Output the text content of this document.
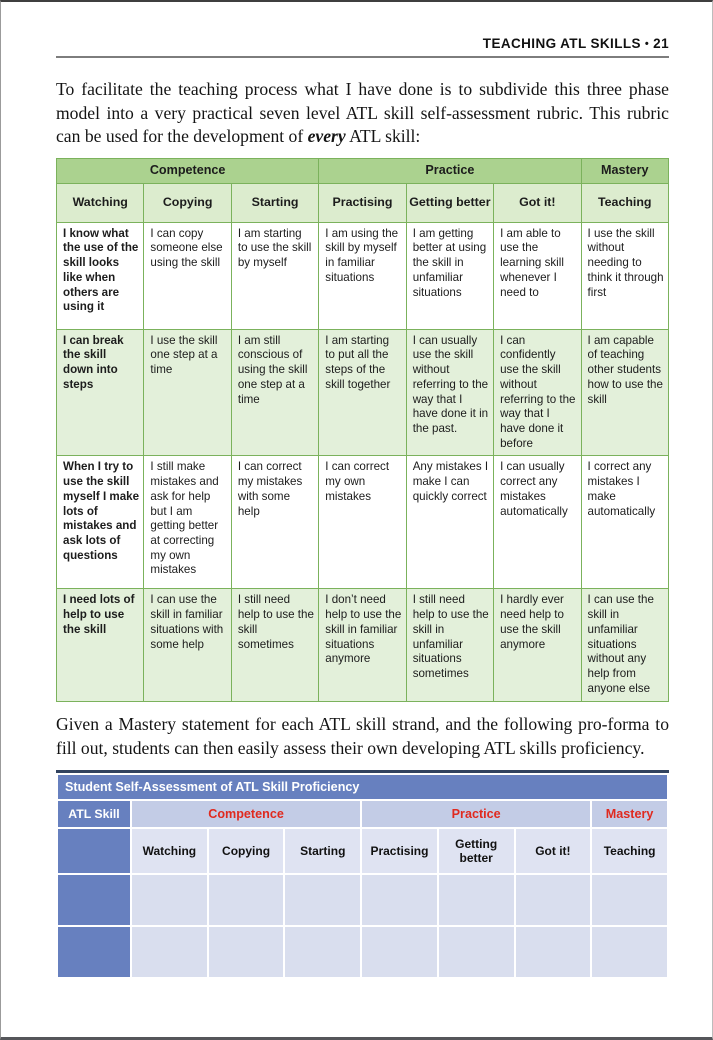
TEACHING ATL SKILLS • 21

To facilitate the teaching process what I have done is to subdivide this three phase model into a very practical seven level ATL skill self-assessment rubric. This rubric can be used for the development of every ATL skill:

Competence			Practice			Mastery
Watching	Copying	Starting	Practising	Getting better	Got it!	Teaching
I know what the use of the skill looks like when others are using it	I can copy someone else using the skill	I am starting to use the skill by myself	I am using the skill by myself in familiar situations	I am getting better at using the skill in unfamiliar situations	I am able to use the learning skill whenever I need to	I use the skill without needing to think it through first
I can break the skill down into steps	I use the skill one step at a time	I am still conscious of using the skill one step at a time	I am starting to put all the steps of the skill together	I can usually use the skill without referring to the way that I have done it in the past.	I can confidently use the skill without referring to the way that I have done it before	I am capable of teaching other students how to use the skill
When I try to use the skill myself I make lots of mistakes and ask lots of questions	I still make mistakes and ask for help but I am getting better at correcting my own mistakes	I can correct my mistakes with some help	I can correct my own mistakes	Any mistakes I make I can quickly correct	I can usually correct any mistakes automatically	I correct any mistakes I make automatically
I need lots of help to use the skill	I can use the skill in familiar situations with some help	I still need help to use the skill sometimes	I don’t need help to use the skill in familiar situations anymore	I still need help to use the skill in unfamiliar situations sometimes	I hardly ever need help to use the skill anymore	I can use the skill in unfamiliar situations without any help from anyone else

Given a Mastery statement for each ATL skill strand, and the following pro-forma to fill out, students can then easily assess their own developing ATL skills proficiency.

Student Self-Assessment of ATL Skill Proficiency							
ATL Skill	Competence			Practice			Mastery
	Watching	Copying	Starting	Practising	Getting better	Got it!	Teaching
